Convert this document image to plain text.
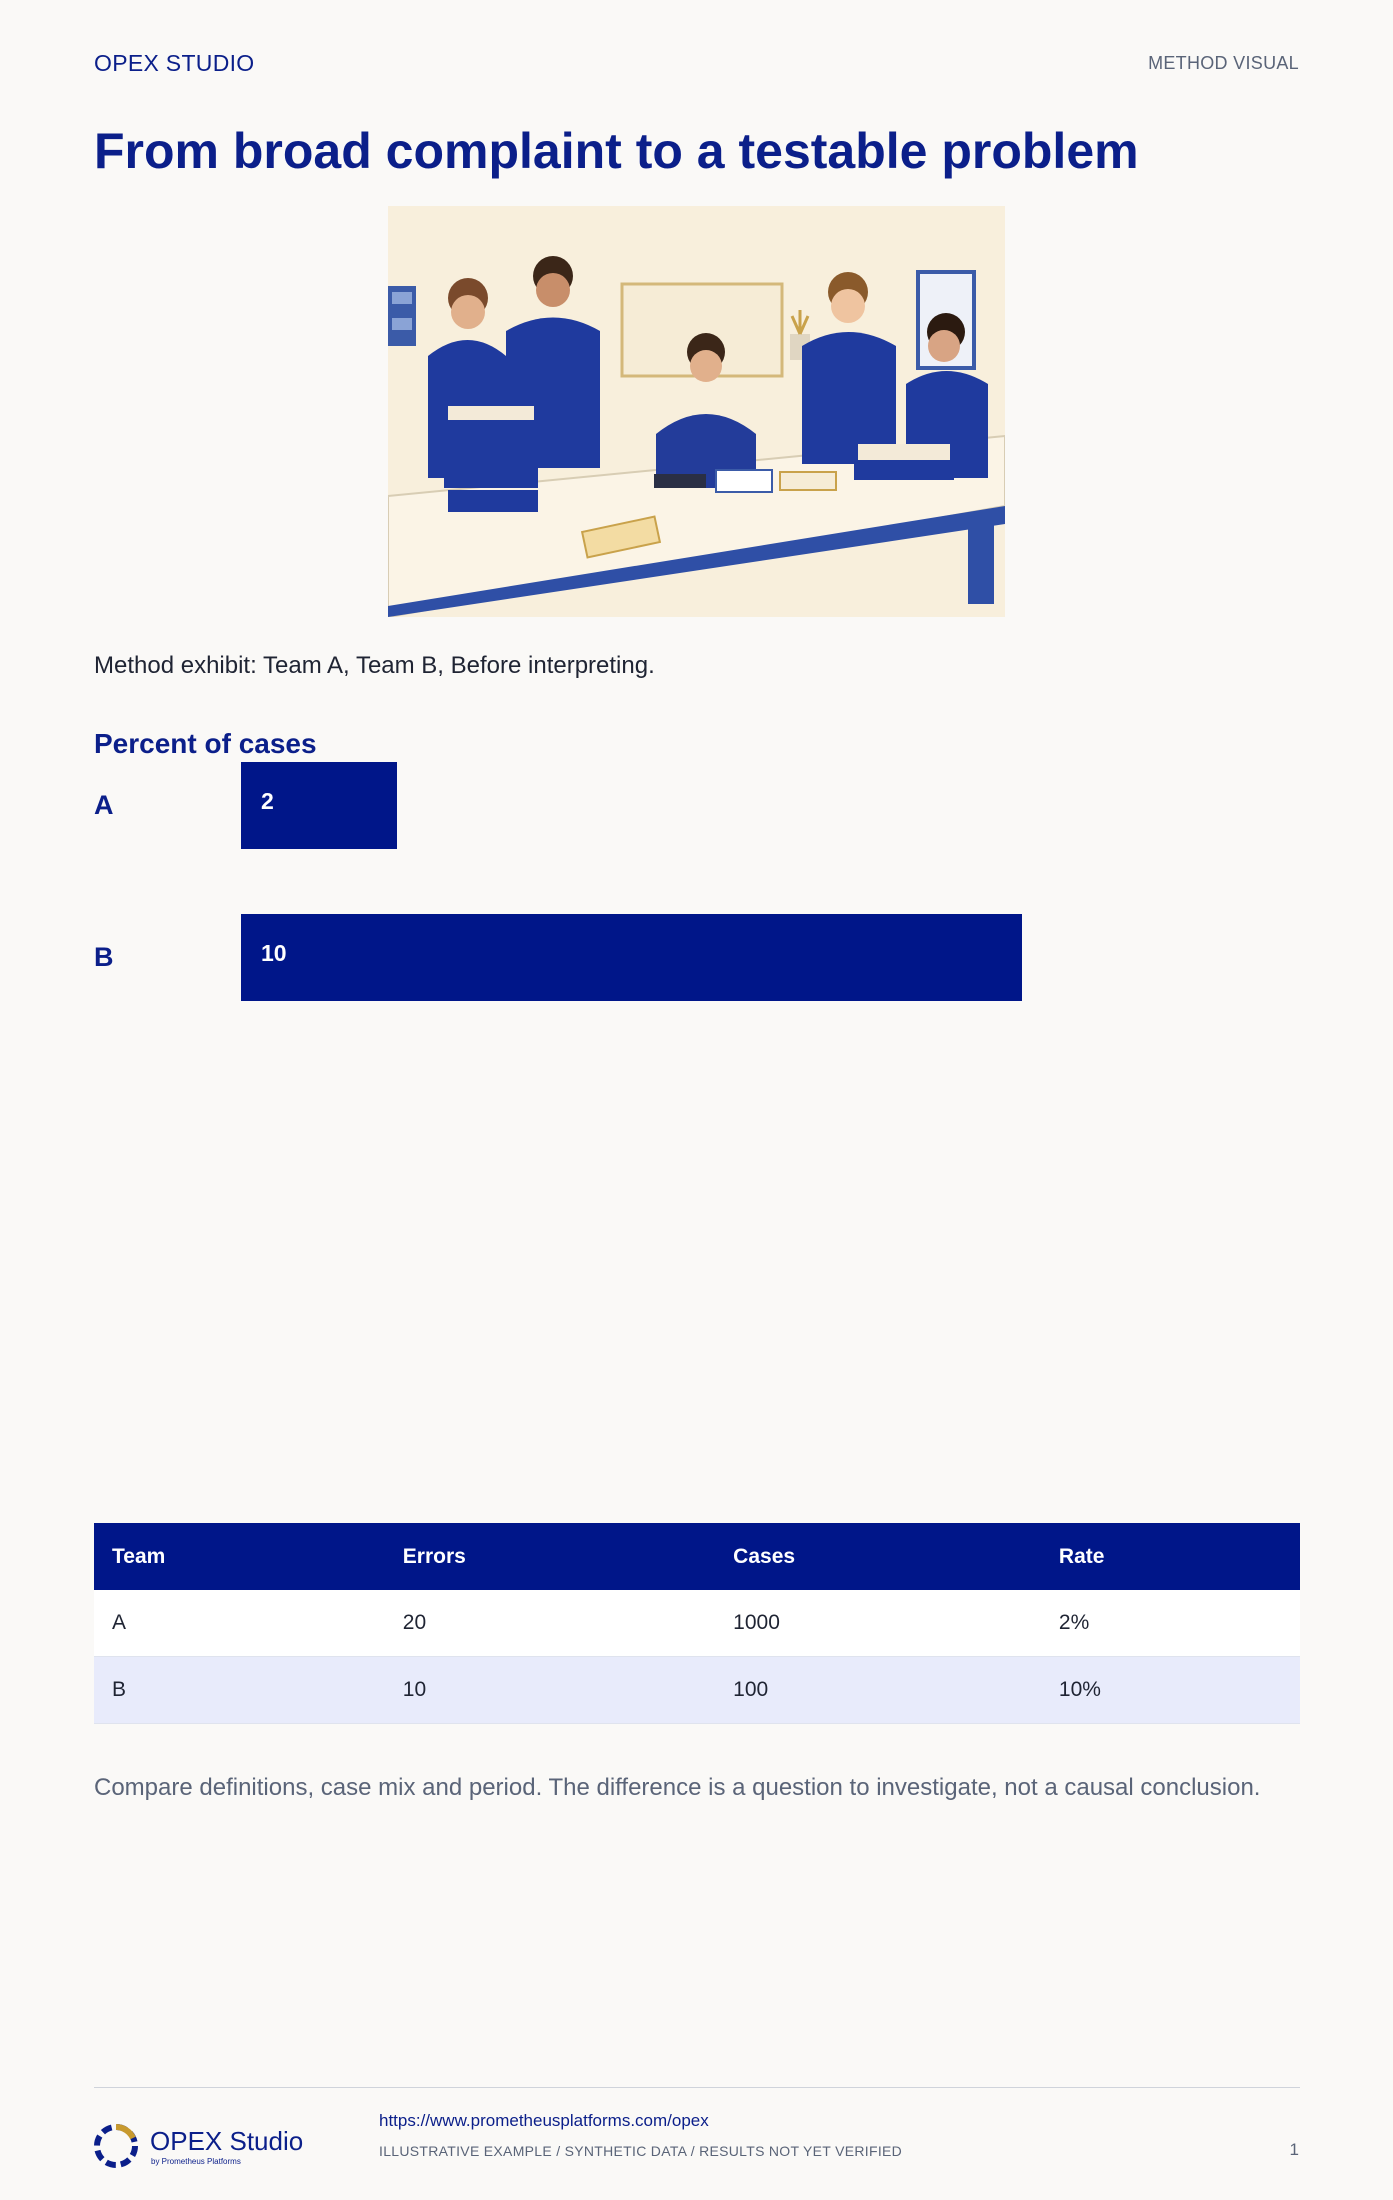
OPEX STUDIO	METHOD VISUAL
From broad complaint to a testable problem
Method exhibit: Team A, Team B, Before interpreting.
Percent of cases
A	2
B	10
Team	Errors	Cases	Rate
A	20	1000	2%
B	10	100	10%
Compare definitions, case mix and period. The difference is a question to investigate, not a causal conclusion.
OPEX Studio
by Prometheus Platforms
https://www.prometheusplatforms.com/opex
ILLUSTRATIVE EXAMPLE / SYNTHETIC DATA / RESULTS NOT YET VERIFIED	1
